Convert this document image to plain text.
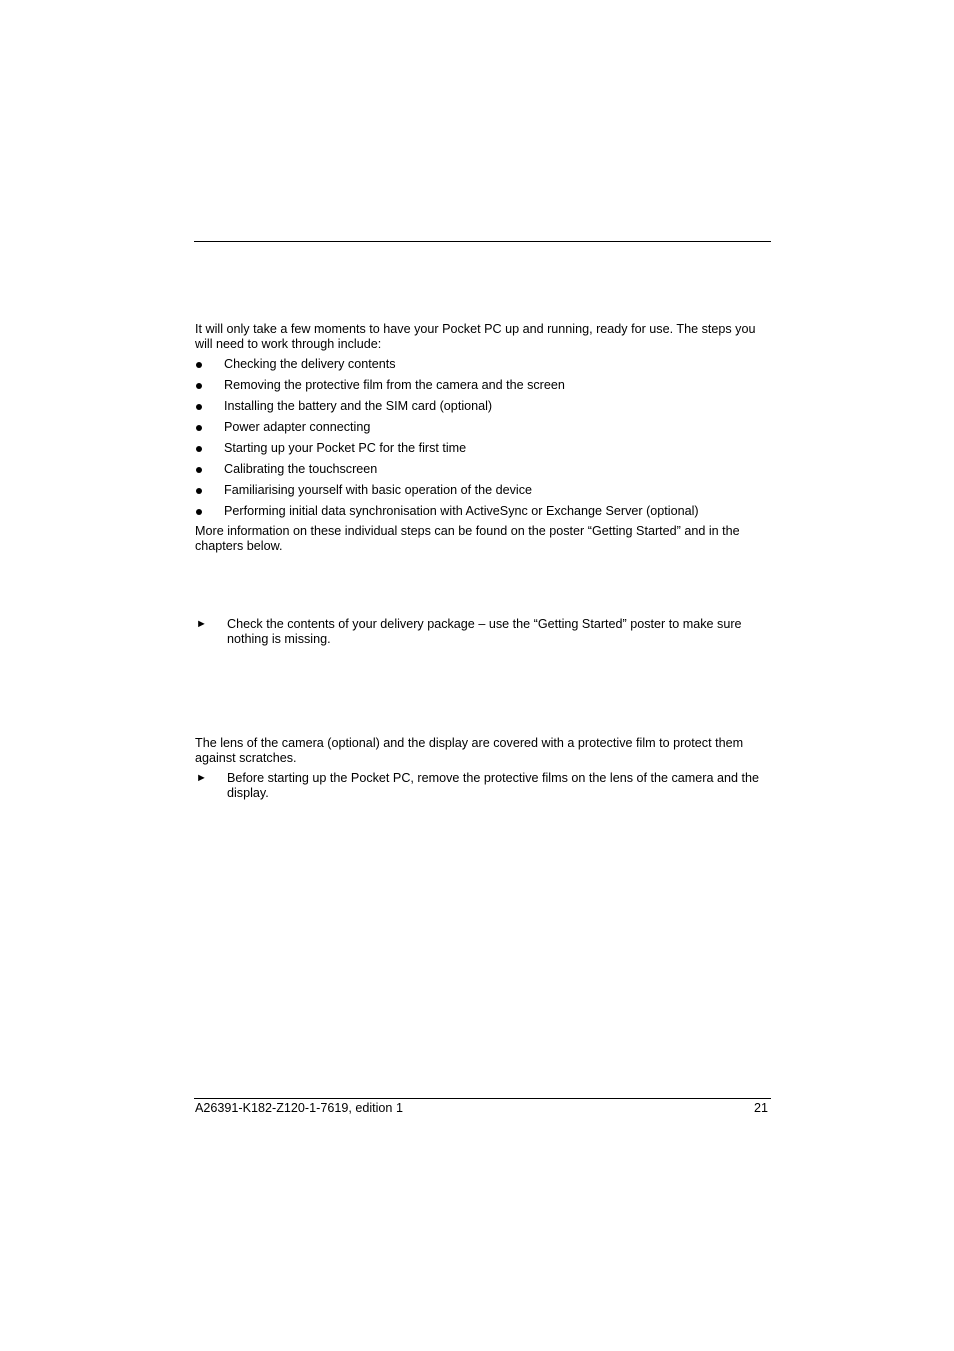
It will only take a few moments to have your Pocket PC up and running, ready for use. The steps you will need to work through include:

Checking the delivery contents
Removing the protective film from the camera and the screen
Installing the battery and the SIM card (optional)
Power adapter connecting
Starting up your Pocket PC for the first time
Calibrating the touchscreen
Familiarising yourself with basic operation of the device
Performing initial data synchronisation with ActiveSync or Exchange Server (optional)

More information on these individual steps can be found on the poster “Getting Started” and in the chapters below.

► Check the contents of your delivery package – use the “Getting Started” poster to make sure nothing is missing.

The lens of the camera (optional) and the display are covered with a protective film to protect them against scratches.

► Before starting up the Pocket PC, remove the protective films on the lens of the camera and the display.
A26391-K182-Z120-1-7619, edition 1	21
